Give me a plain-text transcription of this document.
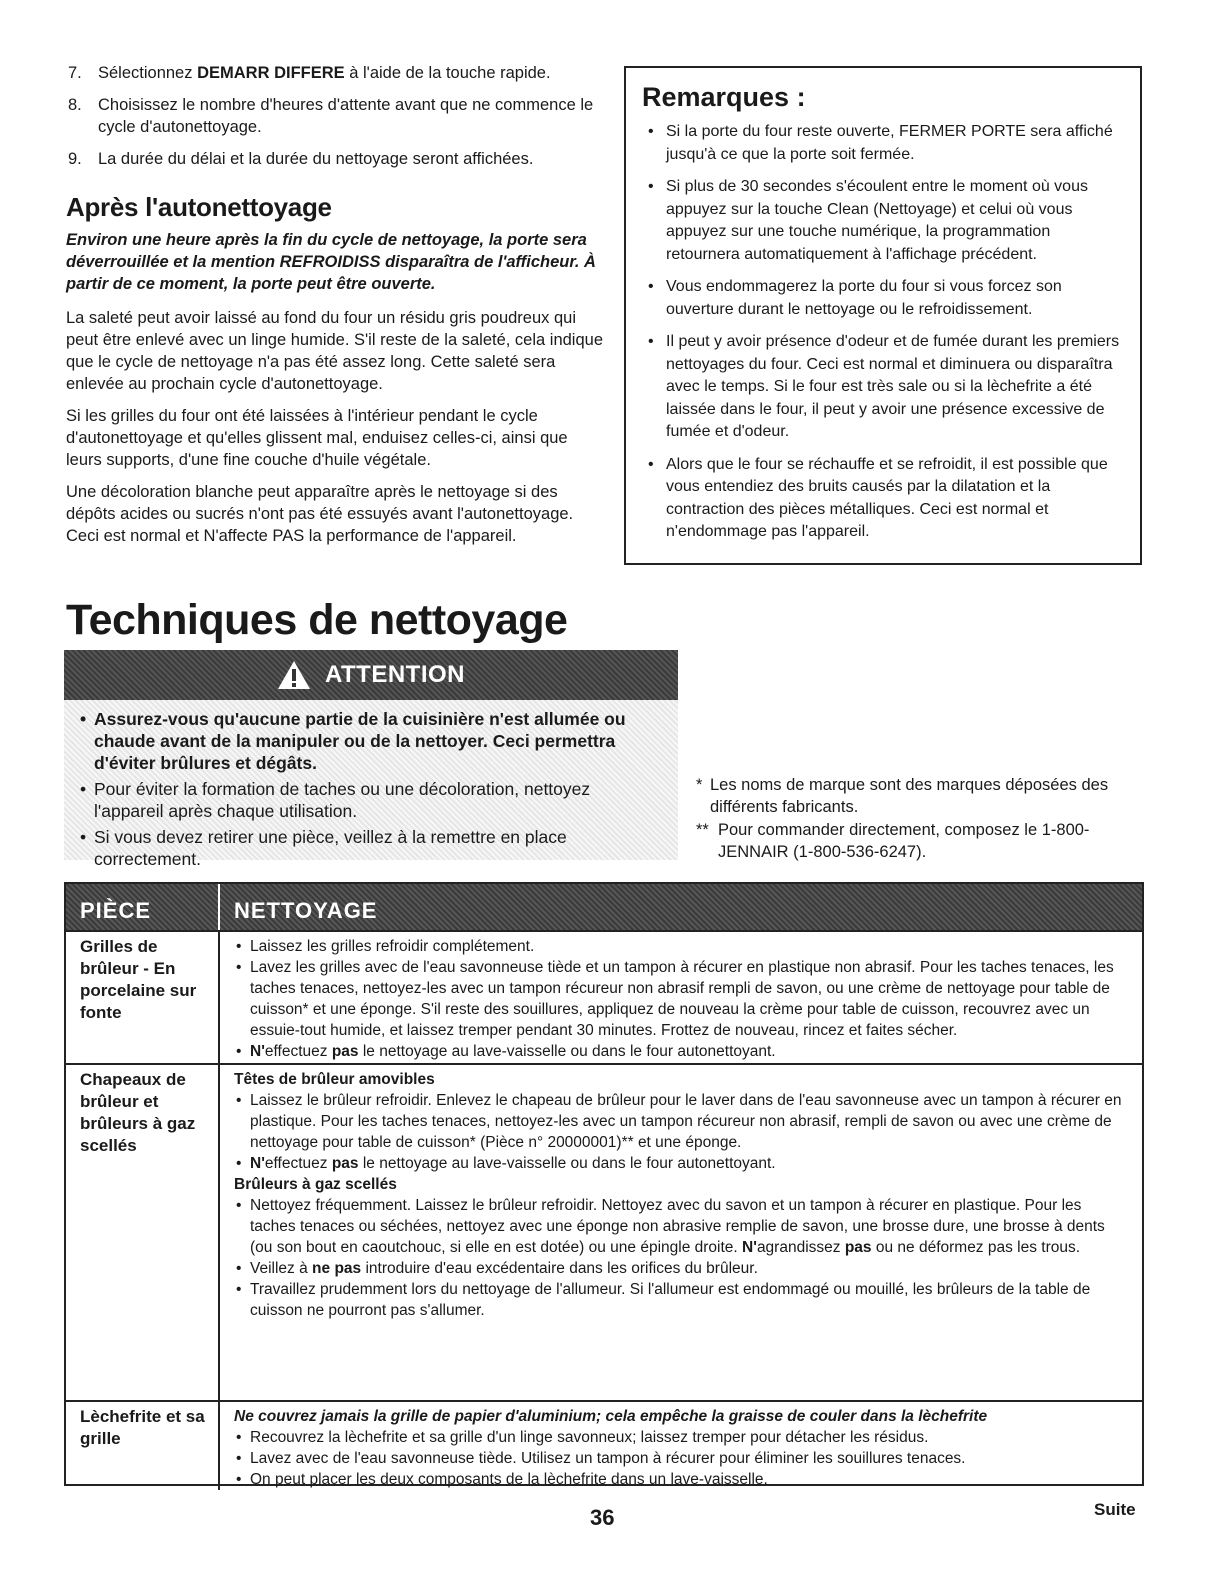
7. Sélectionnez DEMARR DIFFERE à l'aide de la touche rapide.
8. Choisissez le nombre d'heures d'attente avant que ne commence le cycle d'autonettoyage.
9. La durée du délai et la durée du nettoyage seront affichées.
Après l'autonettoyage

Environ une heure après la fin du cycle de nettoyage, la porte sera déverrouillée et la mention REFROIDISS disparaîtra de l'afficheur. À partir de ce moment, la porte peut être ouverte.

La saleté peut avoir laissé au fond du four un résidu gris poudreux qui peut être enlevé avec un linge humide. S'il reste de la saleté, cela indique que le cycle de nettoyage n'a pas été assez long. Cette saleté sera enlevée au prochain cycle d'autonettoyage.

Si les grilles du four ont été laissées à l'intérieur pendant le cycle d'autonettoyage et qu'elles glissent mal, enduisez celles-ci, ainsi que leurs supports, d'une fine couche d'huile végétale.

Une décoloration blanche peut apparaître après le nettoyage si des dépôts acides ou sucrés n'ont pas été essuyés avant l'autonettoyage. Ceci est normal et N'affecte PAS la performance de l'appareil.

Remarques :
• Si la porte du four reste ouverte, FERMER PORTE sera affiché jusqu'à ce que la porte soit fermée.
• Si plus de 30 secondes s'écoulent entre le moment où vous appuyez sur la touche Clean (Nettoyage) et celui où vous appuyez sur une touche numérique, la programmation retournera automatiquement à l'affichage précédent.
• Vous endommagerez la porte du four si vous forcez son ouverture durant le nettoyage ou le refroidissement.
• Il peut y avoir présence d'odeur et de fumée durant les premiers nettoyages du four. Ceci est normal et diminuera ou disparaîtra avec le temps. Si le four est très sale ou si la lèchefrite a été laissée dans le four, il peut y avoir une présence excessive de fumée et d'odeur.
• Alors que le four se réchauffe et se refroidit, il est possible que vous entendiez des bruits causés par la dilatation et la contraction des pièces métalliques. Ceci est normal et n'endommage pas l'appareil.
Techniques de nettoyage
ATTENTION
• Assurez-vous qu'aucune partie de la cuisinière n'est allumée ou chaude avant de la manipuler ou de la nettoyer. Ceci permettra d'éviter brûlures et dégâts.
• Pour éviter la formation de taches ou une décoloration, nettoyez l'appareil après chaque utilisation.
• Si vous devez retirer une pièce, veillez à la remettre en place correctement.
* Les noms de marque sont des marques déposées des différents fabricants.
** Pour commander directement, composez le 1-800-JENNAIR (1-800-536-6247).
PIÈCE	NETTOYAGE
Grilles de brûleur - En porcelaine sur fonte
• Laissez les grilles refroidir complétement.
• Lavez les grilles avec de l'eau savonneuse tiède et un tampon à récurer en plastique non abrasif. Pour les taches tenaces, les taches tenaces, nettoyez-les avec un tampon récureur non abrasif rempli de savon, ou une crème de nettoyage pour table de cuisson* et une éponge. S'il reste des souillures, appliquez de nouveau la crème pour table de cuisson, recouvrez avec un essuie-tout humide, et laissez tremper pendant 30 minutes. Frottez de nouveau, rincez et faites sécher.
• N'effectuez pas le nettoyage au lave-vaisselle ou dans le four autonettoyant.
Chapeaux de brûleur et brûleurs à gaz scellés
Têtes de brûleur amovibles
• Laissez le brûleur refroidir. Enlevez le chapeau de brûleur pour le laver dans de l'eau savonneuse avec un tampon à récurer en plastique. Pour les taches tenaces, nettoyez-les avec un tampon récureur non abrasif, rempli de savon ou avec une crème de nettoyage pour table de cuisson* (Pièce n° 20000001)** et une éponge.
• N'effectuez pas le nettoyage au lave-vaisselle ou dans le four autonettoyant.
Brûleurs à gaz scellés
• Nettoyez fréquemment. Laissez le brûleur refroidir. Nettoyez avec du savon et un tampon à récurer en plastique. Pour les taches tenaces ou séchées, nettoyez avec une éponge non abrasive remplie de savon, une brosse dure, une brosse à dents (ou son bout en caoutchouc, si elle en est dotée) ou une épingle droite. N'agrandissez pas ou ne déformez pas les trous.
• Veillez à ne pas introduire d'eau excédentaire dans les orifices du brûleur.
• Travaillez prudemment lors du nettoyage de l'allumeur. Si l'allumeur est endommagé ou mouillé, les brûleurs de la table de cuisson ne pourront pas s'allumer.
Lèchefrite et sa grille
Ne couvrez jamais la grille de papier d'aluminium; cela empêche la graisse de couler dans la lèchefrite
• Recouvrez la lèchefrite et sa grille d'un linge savonneux; laissez tremper pour détacher les résidus.
• Lavez avec de l'eau savonneuse tiède. Utilisez un tampon à récurer pour éliminer les souillures tenaces.
• On peut placer les deux composants de la lèchefrite dans un lave-vaisselle.
36	Suite
